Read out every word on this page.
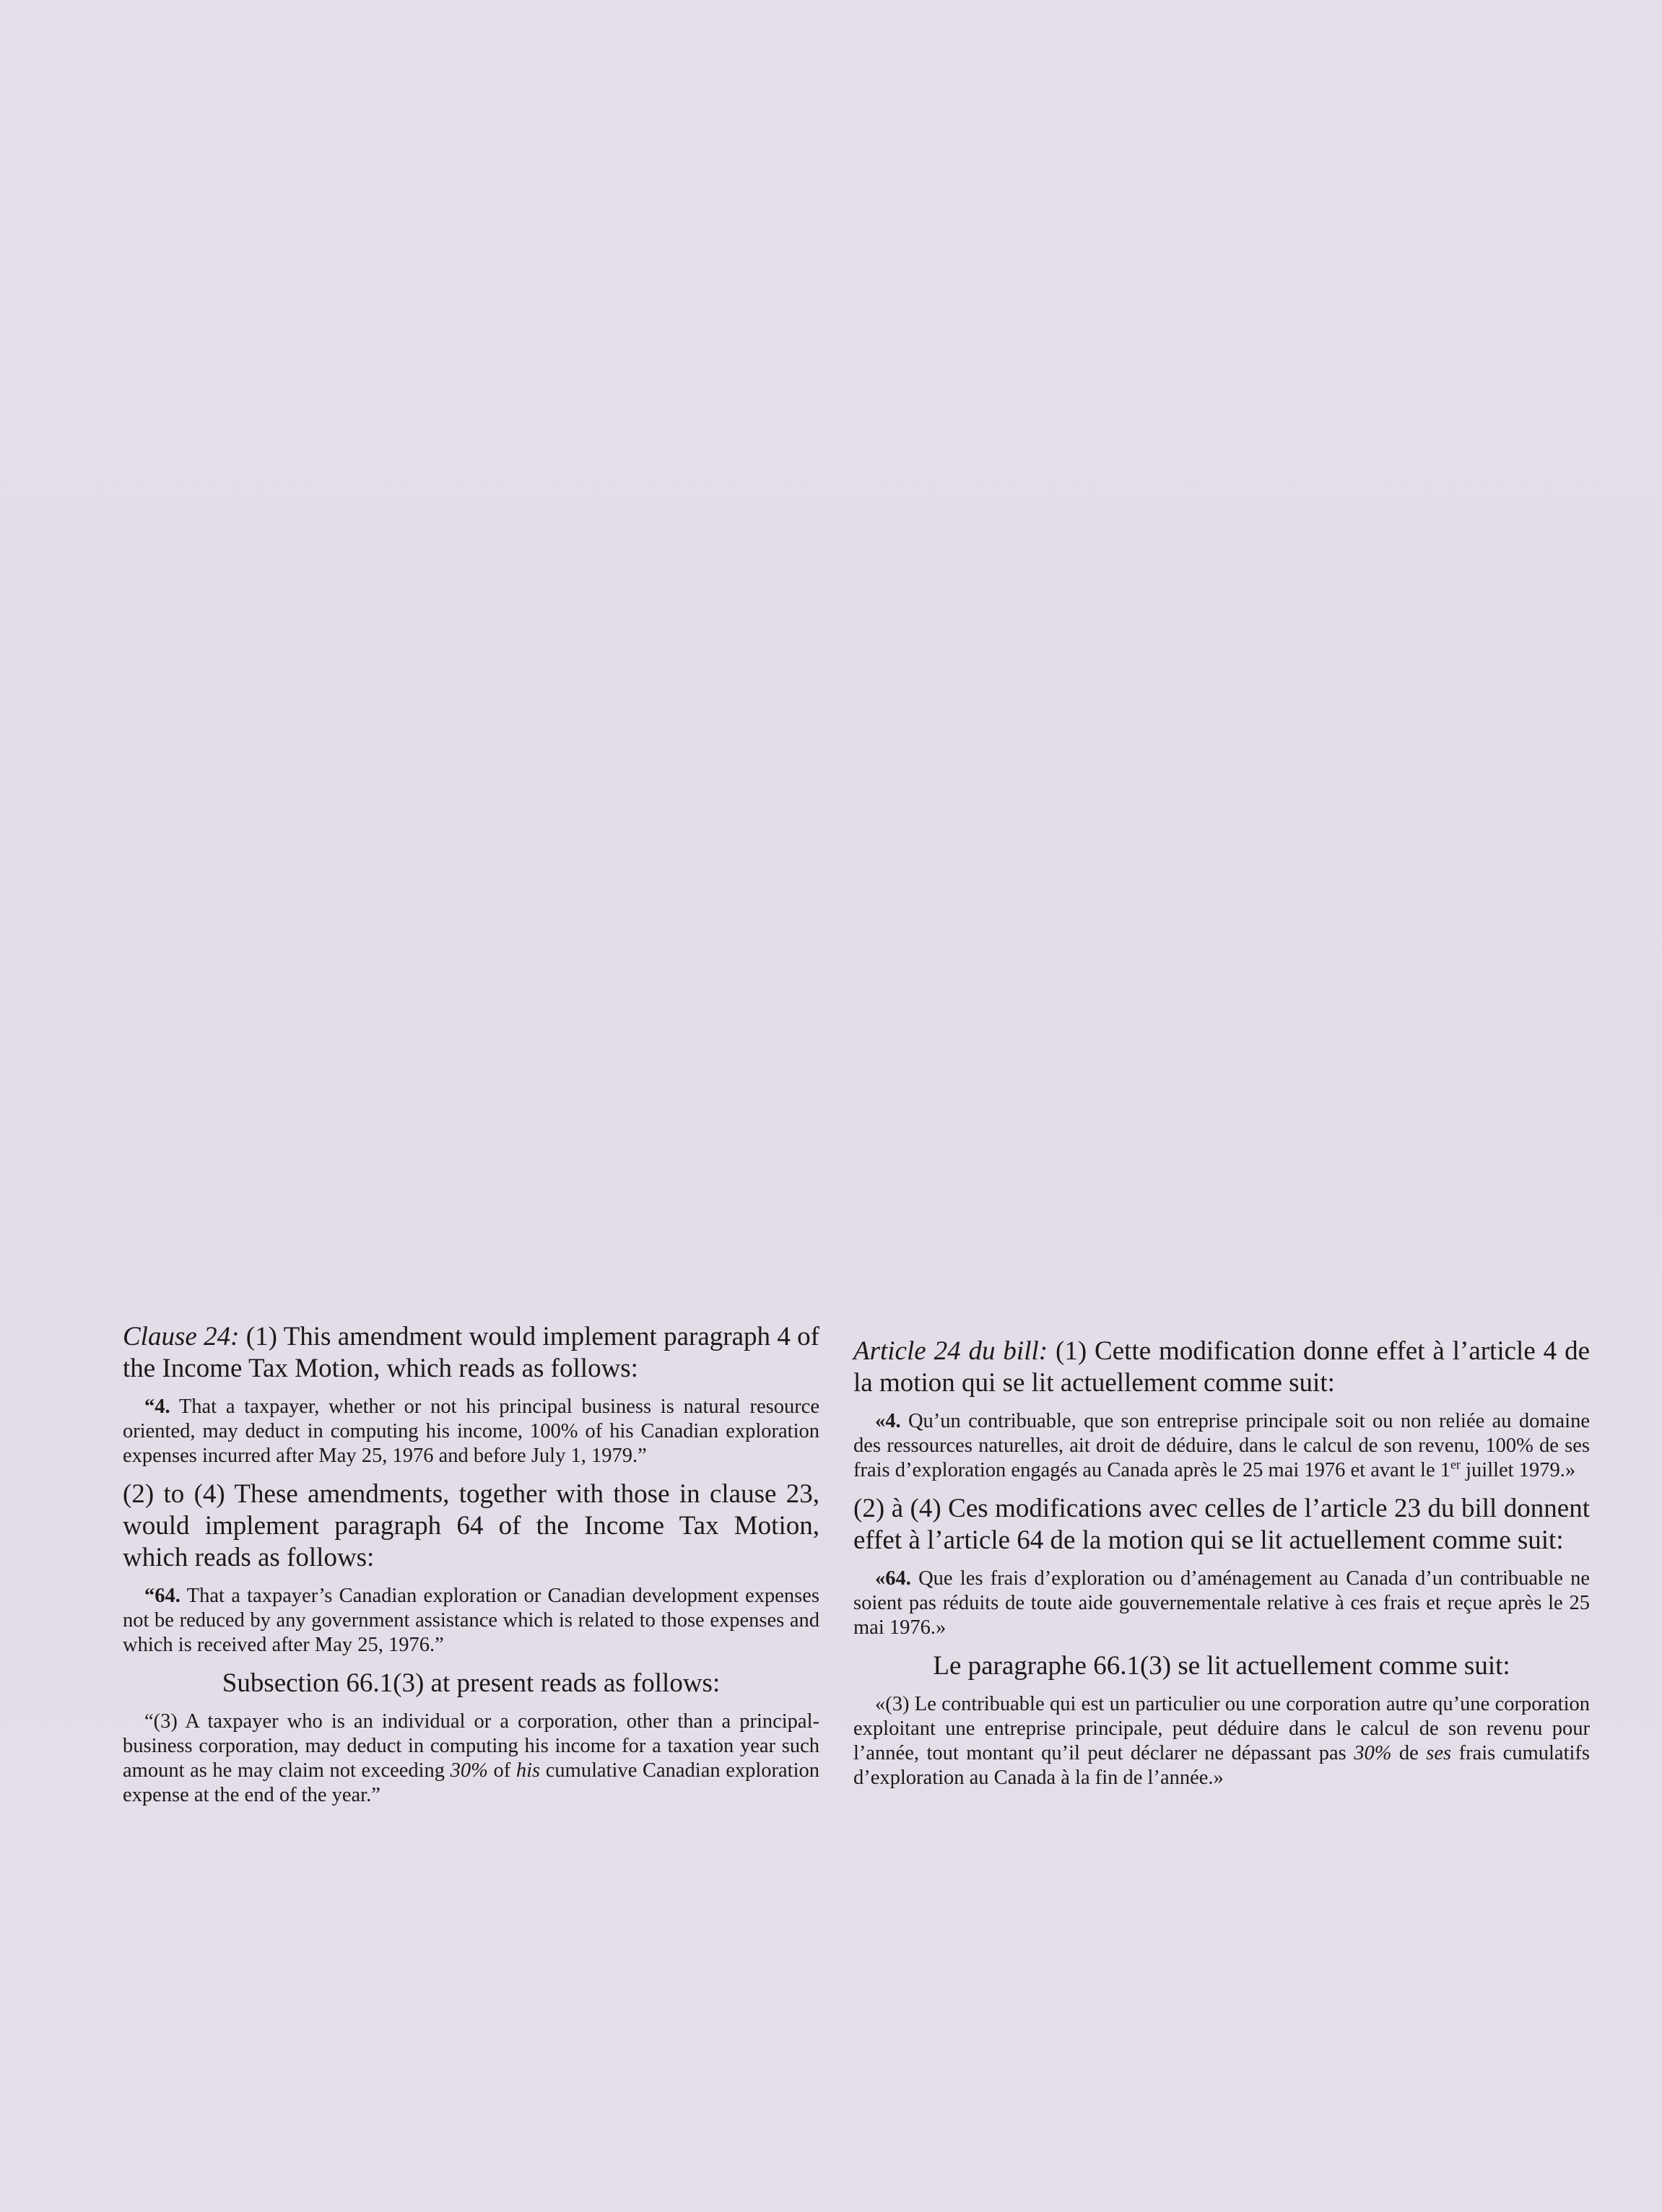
Clause 24: (1) This amendment would implement paragraph 4 of the Income Tax Motion, which reads as follows:

“4. That a taxpayer, whether or not his principal business is natural resource oriented, may deduct in computing his income, 100% of his Canadian exploration expenses incurred after May 25, 1976 and before July 1, 1979.”

(2) to (4) These amendments, together with those in clause 23, would implement paragraph 64 of the Income Tax Motion, which reads as follows:

“64. That a taxpayer’s Canadian exploration or Canadian development expenses not be reduced by any government assistance which is related to those expenses and which is received after May 25, 1976.”

Subsection 66.1(3) at present reads as follows:

“(3) A taxpayer who is an individual or a corporation, other than a principal-business corporation, may deduct in computing his income for a taxation year such amount as he may claim not exceeding 30% of his cumulative Canadian exploration expense at the end of the year.”

Article 24 du bill: (1) Cette modification donne effet à l’article 4 de la motion qui se lit actuellement comme suit:

«4. Qu’un contribuable, que son entreprise principale soit ou non reliée au domaine des ressources naturelles, ait droit de déduire, dans le calcul de son revenu, 100% de ses frais d’exploration engagés au Canada après le 25 mai 1976 et avant le 1er juillet 1979.»

(2) à (4) Ces modifications avec celles de l’article 23 du bill donnent effet à l’article 64 de la motion qui se lit actuellement comme suit:

«64. Que les frais d’exploration ou d’aménagement au Canada d’un contribuable ne soient pas réduits de toute aide gouvernementale relative à ces frais et reçue après le 25 mai 1976.»

Le paragraphe 66.1(3) se lit actuellement comme suit:

«(3) Le contribuable qui est un particulier ou une corporation autre qu’une corporation exploitant une entreprise principale, peut déduire dans le calcul de son revenu pour l’année, tout montant qu’il peut déclarer ne dépassant pas 30% de ses frais cumulatifs d’exploration au Canada à la fin de l’année.»
